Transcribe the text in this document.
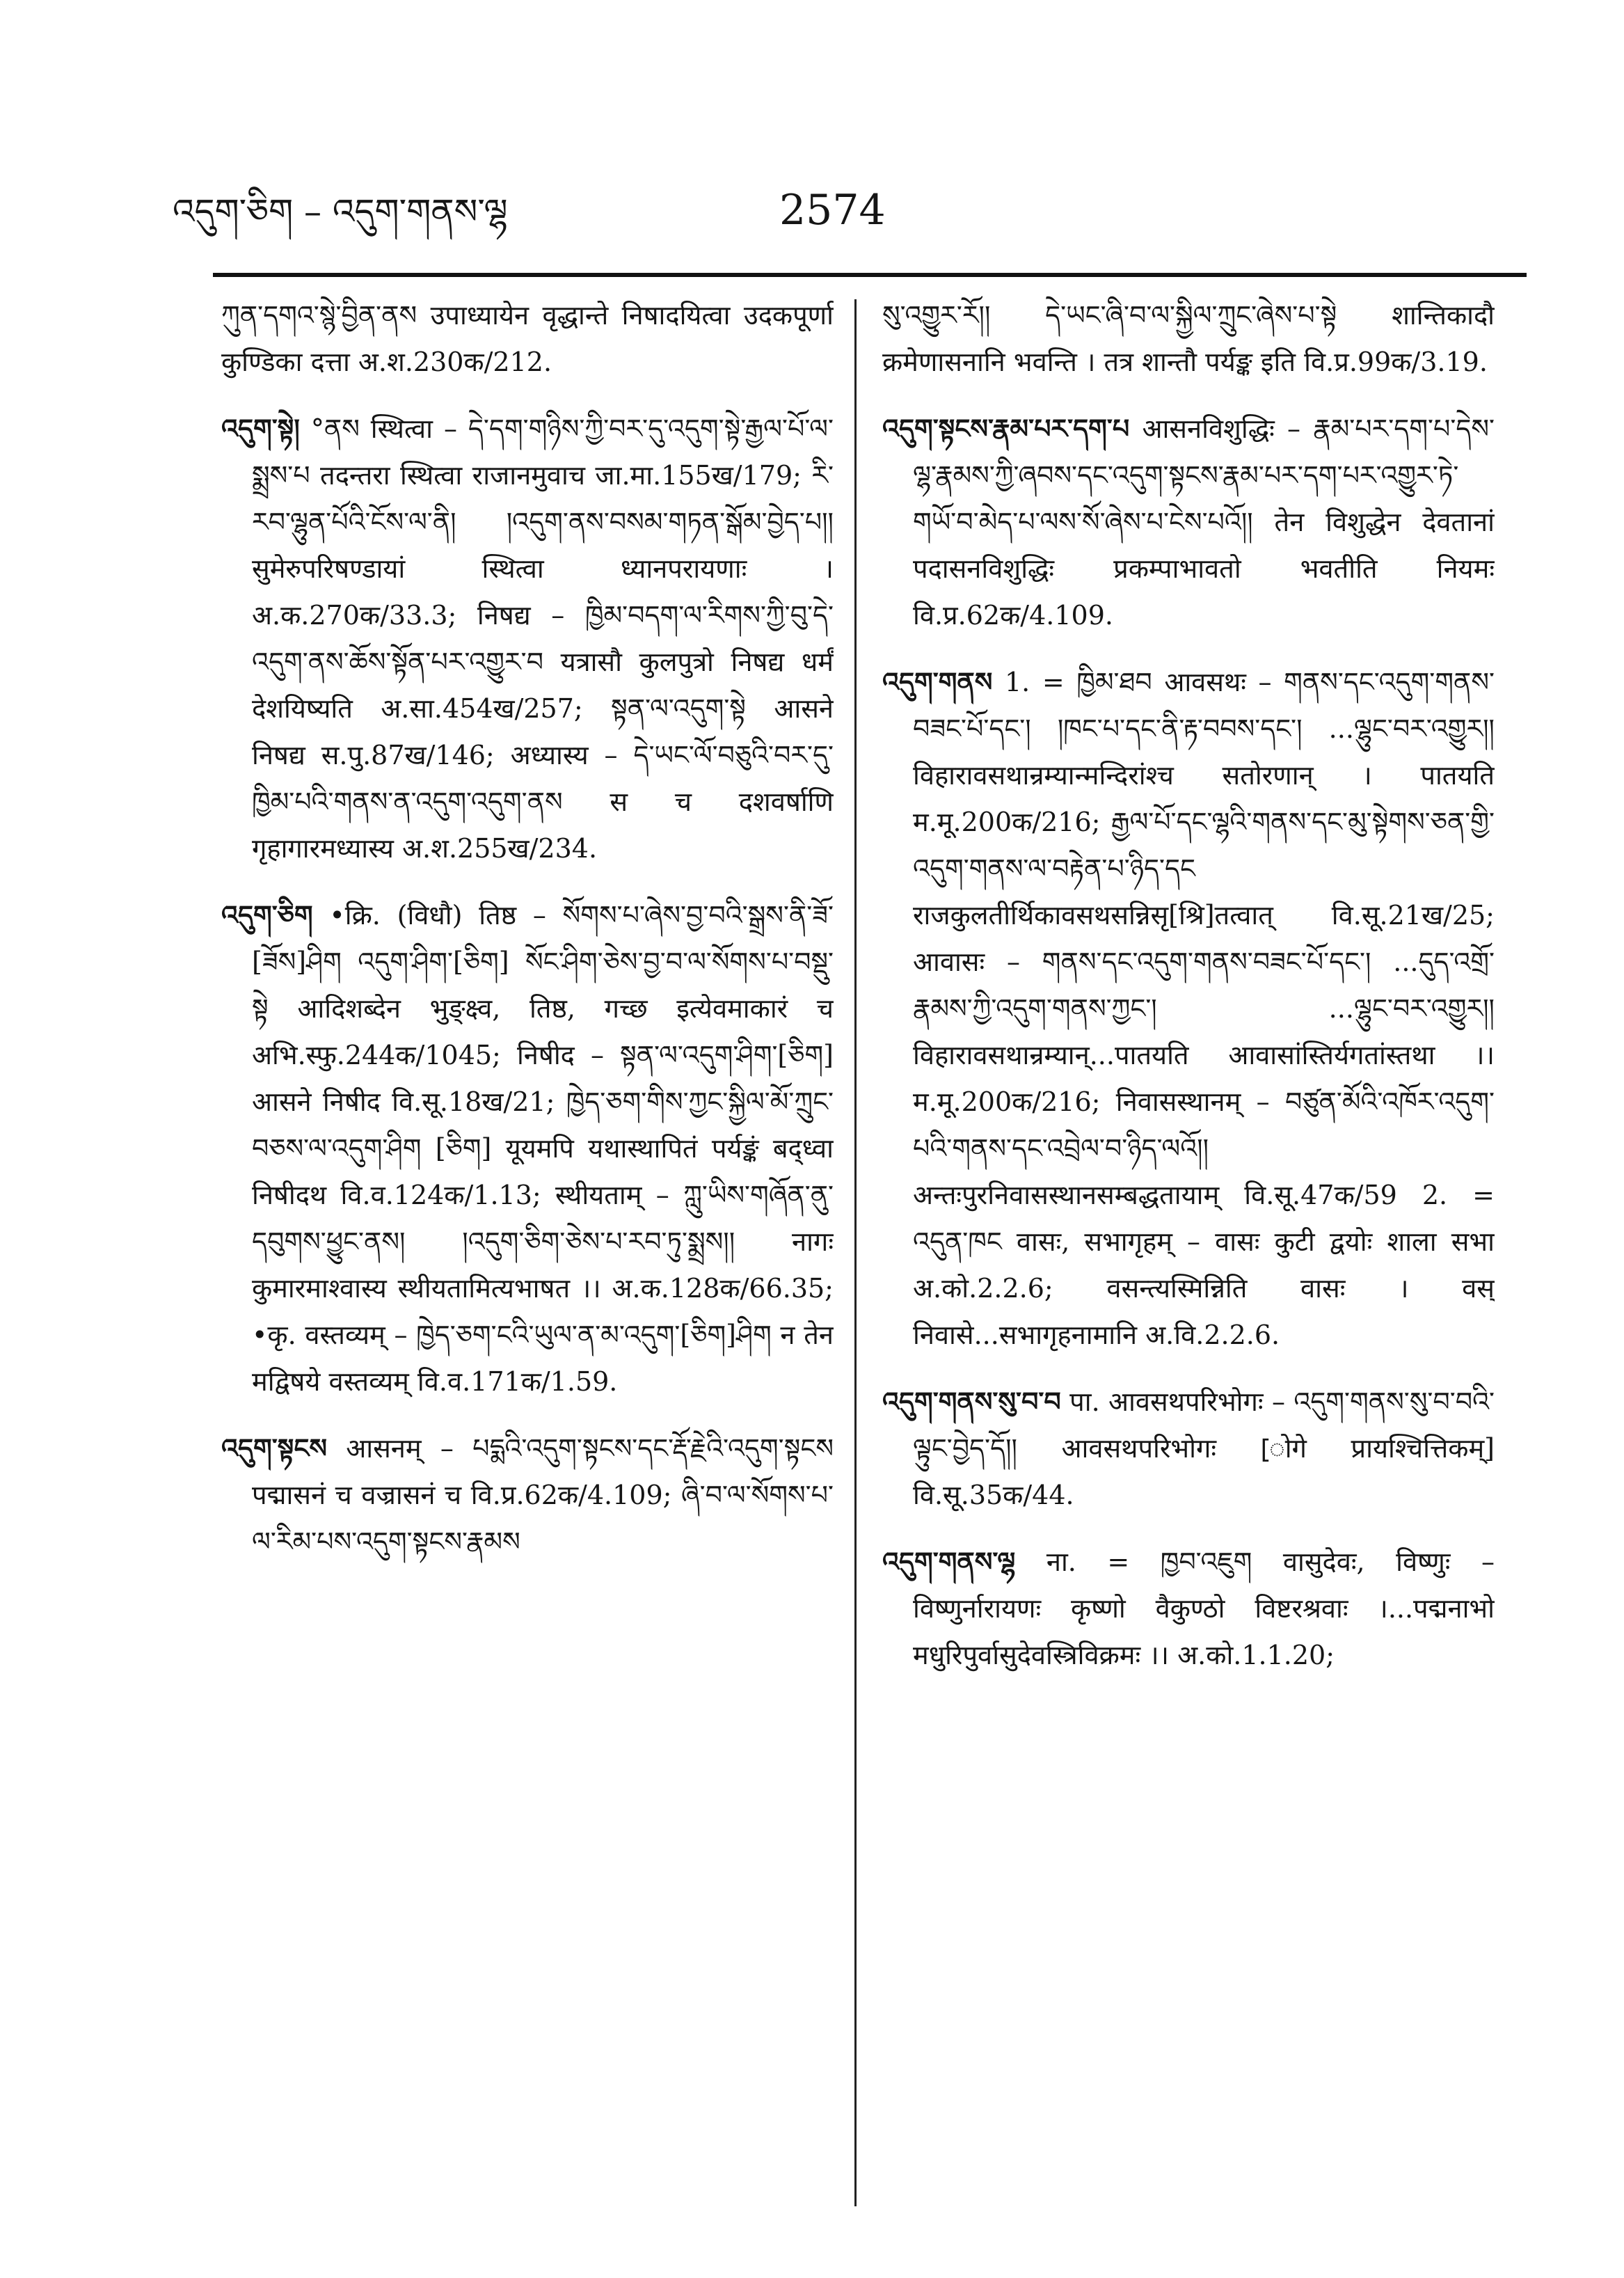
འདུག་ཅིག – འདུག་གནས་ལྷ	2574

ཀུན་དགའ་སྙེ་བྱིན་ནས उपाध्यायेन वृद्धान्ते निषादयित्वा उदकपूर्णा कुण्डिका दत्ता अ.श.230क/212.

འདུག་སྟེ། °ནས स्थित्वा – དེ་དག་གཉིས་ཀྱི་བར་དུ་འདུག་སྟེ་རྒྱལ་པོ་ལ་སྨྲས་པ तदन्तरा स्थित्वा राजानमुवाच जा.मा.155ख/179; རི་རབ་ལྷུན་པོའི་ངོས་ལ་ནི། །འདུག་ནས་བསམ་གཏན་སྒོམ་བྱེད་པ།། सुमेरुपरिषण्डायां स्थित्वा ध्यानपरायणाः । अ.क.270क/33.3; निषद्य – ཁྱིམ་བདག་ལ་རིགས་ཀྱི་བུ་དེ་འདུག་ནས་ཆོས་སྟོན་པར་འགྱུར་བ यत्रासौ कुलपुत्रो निषद्य धर्मं देशयिष्यति अ.सा.454ख/257; སྟན་ལ་འདུག་སྟེ आसने निषद्य स.पु.87ख/146; अध्यास्य – དེ་ཡང་ལོ་བཅུའི་བར་དུ་ཁྱིམ་པའི་གནས་ན་འདུག་འདུག་ནས स च दशवर्षाणि गृहागारमध्यास्य अ.श.255ख/234.

འདུག་ཅིག •क्रि. (विधौ) तिष्ठ – སོགས་པ་ཞེས་བྱ་བའི་སྒྲས་ནི་ཟོ་[ཟོས]ཤིག འདུག་ཤིག་[ཅིག] སོང་ཤིག་ཅེས་བྱ་བ་ལ་སོགས་པ་བསྡུ་སྟེ आदिशब्देन भुङ्क्ष्व, तिष्ठ, गच्छ इत्येवमाकारं च अभि.स्फु.244क/1045; निषीद – སྟན་ལ་འདུག་ཤིག་[ཅིག] आसने निषीद वि.सू.18ख/21; ཁྱེད་ཅག་གིས་ཀྱང་སྐྱིལ་མོ་ཀྲུང་བཅས་ལ་འདུག་ཤིག [ཅིག] यूयमपि यथास्थापितं पर्यङ्कं बद्ध्वा निषीदथ वि.व.124क/1.13; स्थीयताम् – ཀླུ་ཡིས་གཞོན་ནུ་དབུགས་ཕྱུང་ནས། །འདུག་ཅིག་ཅེས་པ་རབ་ཏུ་སྨྲས།། नागः कुमारमाश्वास्य स्थीयतामित्यभाषत ।। अ.क.128क/66.35; •कृ. वस्तव्यम् – ཁྱེད་ཅག་ངའི་ཡུལ་ན་མ་འདུག་[ཅིག]ཤིག न तेन मद्विषये वस्तव्यम् वि.व.171क/1.59.

འདུག་སྟངས आसनम् – པདྨའི་འདུག་སྟངས་དང་རྡོ་རྗེའི་འདུག་སྟངས पद्मासनं च वज्रासनं च वि.प्र.62क/4.109; ཞི་བ་ལ་སོགས་པ་ལ་རིམ་པས་འདུག་སྟངས་རྣམས

སུ་འགྱུར་རོ།། དེ་ཡང་ཞི་བ་ལ་སྐྱིལ་ཀྲུང་ཞེས་པ་སྟེ शान्तिकादौ क्रमेणासनानि भवन्ति । तत्र शान्तौ पर्यङ्क इति वि.प्र.99क/3.19.

འདུག་སྟངས་རྣམ་པར་དག་པ आसनविशुद्धिः – རྣམ་པར་དག་པ་དེས་ལྷ་རྣམས་ཀྱི་ཞབས་དང་འདུག་སྟངས་རྣམ་པར་དག་པར་འགྱུར་ཏེ་གཡོ་བ་མེད་པ་ལས་སོ་ཞེས་པ་ངེས་པའོ།། तेन विशुद्धेन देवतानां पदासनविशुद्धिः प्रकम्पाभावतो भवतीति नियमः वि.प्र.62क/4.109.

འདུག་གནས 1. = ཁྱིམ་ཐབ आवसथः – གནས་དང་འདུག་གནས་བཟང་པོ་དང་། །ཁང་པ་དང་ནི་རྟ་བབས་དང་། ...ལྷུང་བར་འགྱུར།། विहारावसथान्रम्यान्मन्दिरांश्च सतोरणान् । पातयति म.मू.200क/216; རྒྱལ་པོ་དང་ལྷའི་གནས་དང་མུ་སྟེགས་ཅན་གྱི་འདུག་གནས་ལ་བརྟེན་པ་ཉིད་དང राजकुलतीर्थिकावसथसन्निसृ[श्रि]तत्वात् वि.सू.21ख/25; आवासः – གནས་དང་འདུག་གནས་བཟང་པོ་དང་། ...དུད་འགྲོ་རྣམས་ཀྱི་འདུག་གནས་ཀྱང་། ...ལྷུང་བར་འགྱུར།། विहारावसथान्रम्यान्...पातयति आवासांस्तिर्यगतांस्तथा ।। म.मू.200क/216; निवासस्थानम् – བཙུན་མོའི་འཁོར་འདུག་པའི་གནས་དང་འབྲེལ་བ་ཉིད་ལའོ།། अन्तःपुरनिवासस्थानसम्बद्धतायाम् वि.सू.47क/59 2. = འདུན་ཁང वासः, सभागृहम् – वासः कुटी द्वयोः शाला सभा अ.को.2.2.6; वसन्त्यस्मिन्निति वासः । वस् निवासे...सभागृहनामानि अ.वि.2.2.6.

འདུག་གནས་སུ་བ་བ पा. आवसथपरिभोगः – འདུག་གནས་སུ་བ་བའི་ལྟུང་བྱེད་དོ།། आवसथपरिभोगः [ोगे प्रायश्चित्तिकम्] वि.सू.35क/44.

འདུག་གནས་ལྷ ना. = ཁྱབ་འཇུག वासुदेवः, विष्णुः – विष्णुर्नारायणः कृष्णो वैकुण्ठो विष्टरश्रवाः ।...पद्मनाभो मधुरिपुर्वासुदेवस्त्रिविक्रमः ।। अ.को.1.1.20;
